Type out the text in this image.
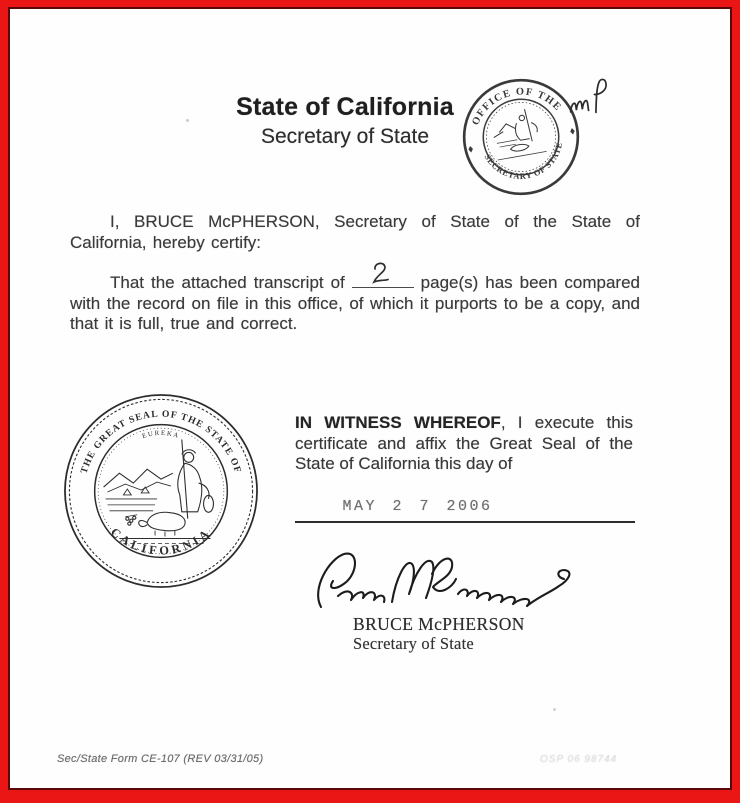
State of California
Secretary of State
OFFICE OF THE
SECRETARY OF STATE

I, BRUCE McPHERSON, Secretary of State of the State of California, hereby certify:

That the attached transcript of	page(s) has been compared with the record on file in this office, of which it purports to be a copy, and that it is full, true and correct.

THE GREAT SEAL OF THE STATE OF
CALIFORNIA
EUREKA

IN WITNESS WHEREOF, I execute this certificate and affix the Great Seal of the State of California this day of

MAY 2 7 2006
BRUCE McPHERSON
Secretary of State
Sec/State Form CE-107 (REV 03/31/05)	OSP 06 98744
